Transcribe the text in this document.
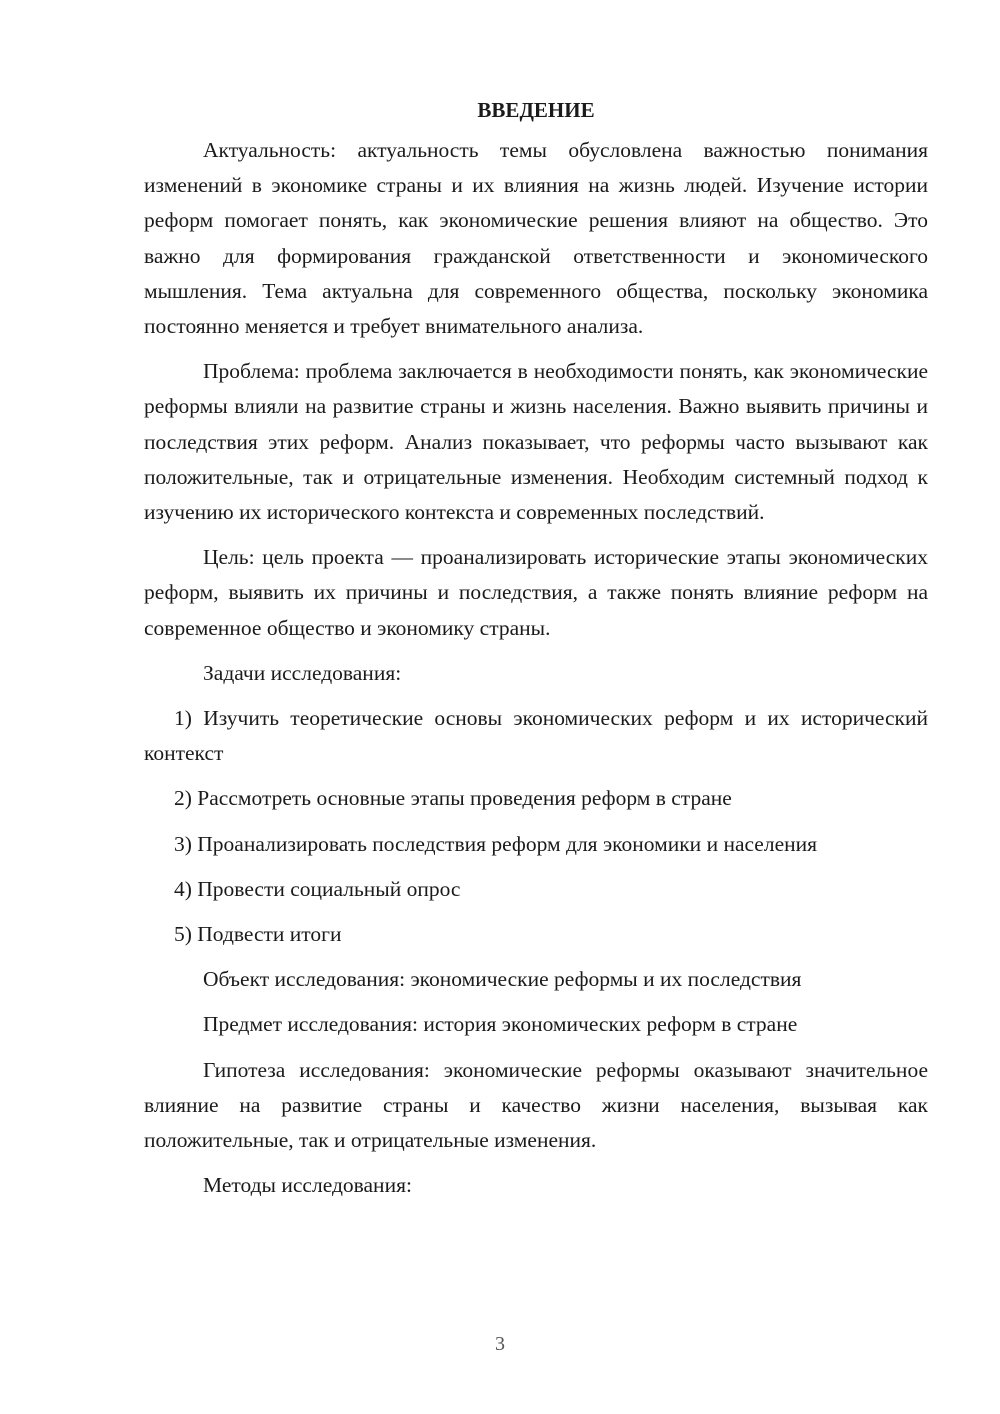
ВВЕДЕНИЕ

Актуальность: актуальность темы обусловлена важностью понимания изменений в экономике страны и их влияния на жизнь людей. Изучение истории реформ помогает понять, как экономические решения влияют на общество. Это важно для формирования гражданской ответственности и экономического мышления. Тема актуальна для современного общества, поскольку экономика постоянно меняется и требует внимательного анализа.

Проблема: проблема заключается в необходимости понять, как экономические реформы влияли на развитие страны и жизнь населения. Важно выявить причины и последствия этих реформ. Анализ показывает, что реформы часто вызывают как положительные, так и отрицательные изменения. Необходим системный подход к изучению их исторического контекста и современных последствий.

Цель: цель проекта — проанализировать исторические этапы экономических реформ, выявить их причины и последствия, а также понять влияние реформ на современное общество и экономику страны.

Задачи исследования:

1) Изучить теоретические основы экономических реформ и их исторический контекст

2) Рассмотреть основные этапы проведения реформ в стране

3) Проанализировать последствия реформ для экономики и населения

4) Провести социальный опрос

5) Подвести итоги

Объект исследования: экономические реформы и их последствия

Предмет исследования: история экономических реформ в стране

Гипотеза исследования: экономические реформы оказывают значительное влияние на развитие страны и качество жизни населения, вызывая как положительные, так и отрицательные изменения.

Методы исследования:

3
